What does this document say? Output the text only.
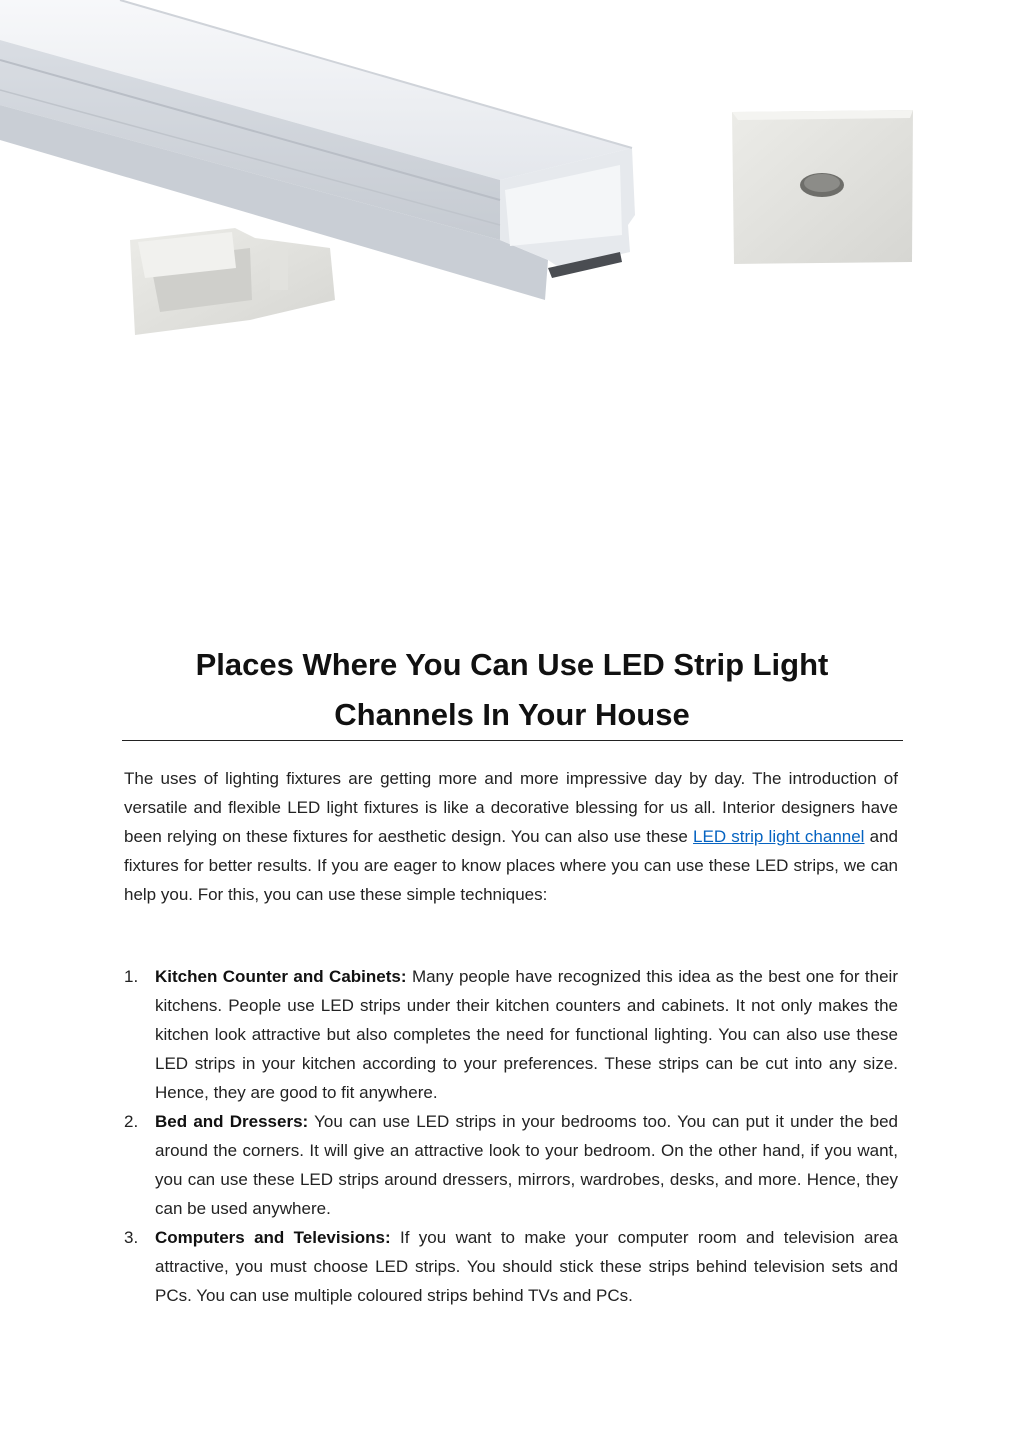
Places Where You Can Use LED Strip Light Channels In Your House

The uses of lighting fixtures are getting more and more impressive day by day. The introduction of versatile and flexible LED light fixtures is like a decorative blessing for us all. Interior designers have been relying on these fixtures for aesthetic design. You can also use these LED strip light channel and fixtures for better results. If you are eager to know places where you can use these LED strips, we can help you. For this, you can use these simple techniques:

1. Kitchen Counter and Cabinets: Many people have recognized this idea as the best one for their kitchens. People use LED strips under their kitchen counters and cabinets. It not only makes the kitchen look attractive but also completes the need for functional lighting. You can also use these LED strips in your kitchen according to your preferences. These strips can be cut into any size. Hence, they are good to fit anywhere.
2. Bed and Dressers: You can use LED strips in your bedrooms too. You can put it under the bed around the corners. It will give an attractive look to your bedroom. On the other hand, if you want, you can use these LED strips around dressers, mirrors, wardrobes, desks, and more. Hence, they can be used anywhere.
3. Computers and Televisions: If you want to make your computer room and television area attractive, you must choose LED strips. You should stick these strips behind television sets and PCs. You can use multiple coloured strips behind TVs and PCs.
